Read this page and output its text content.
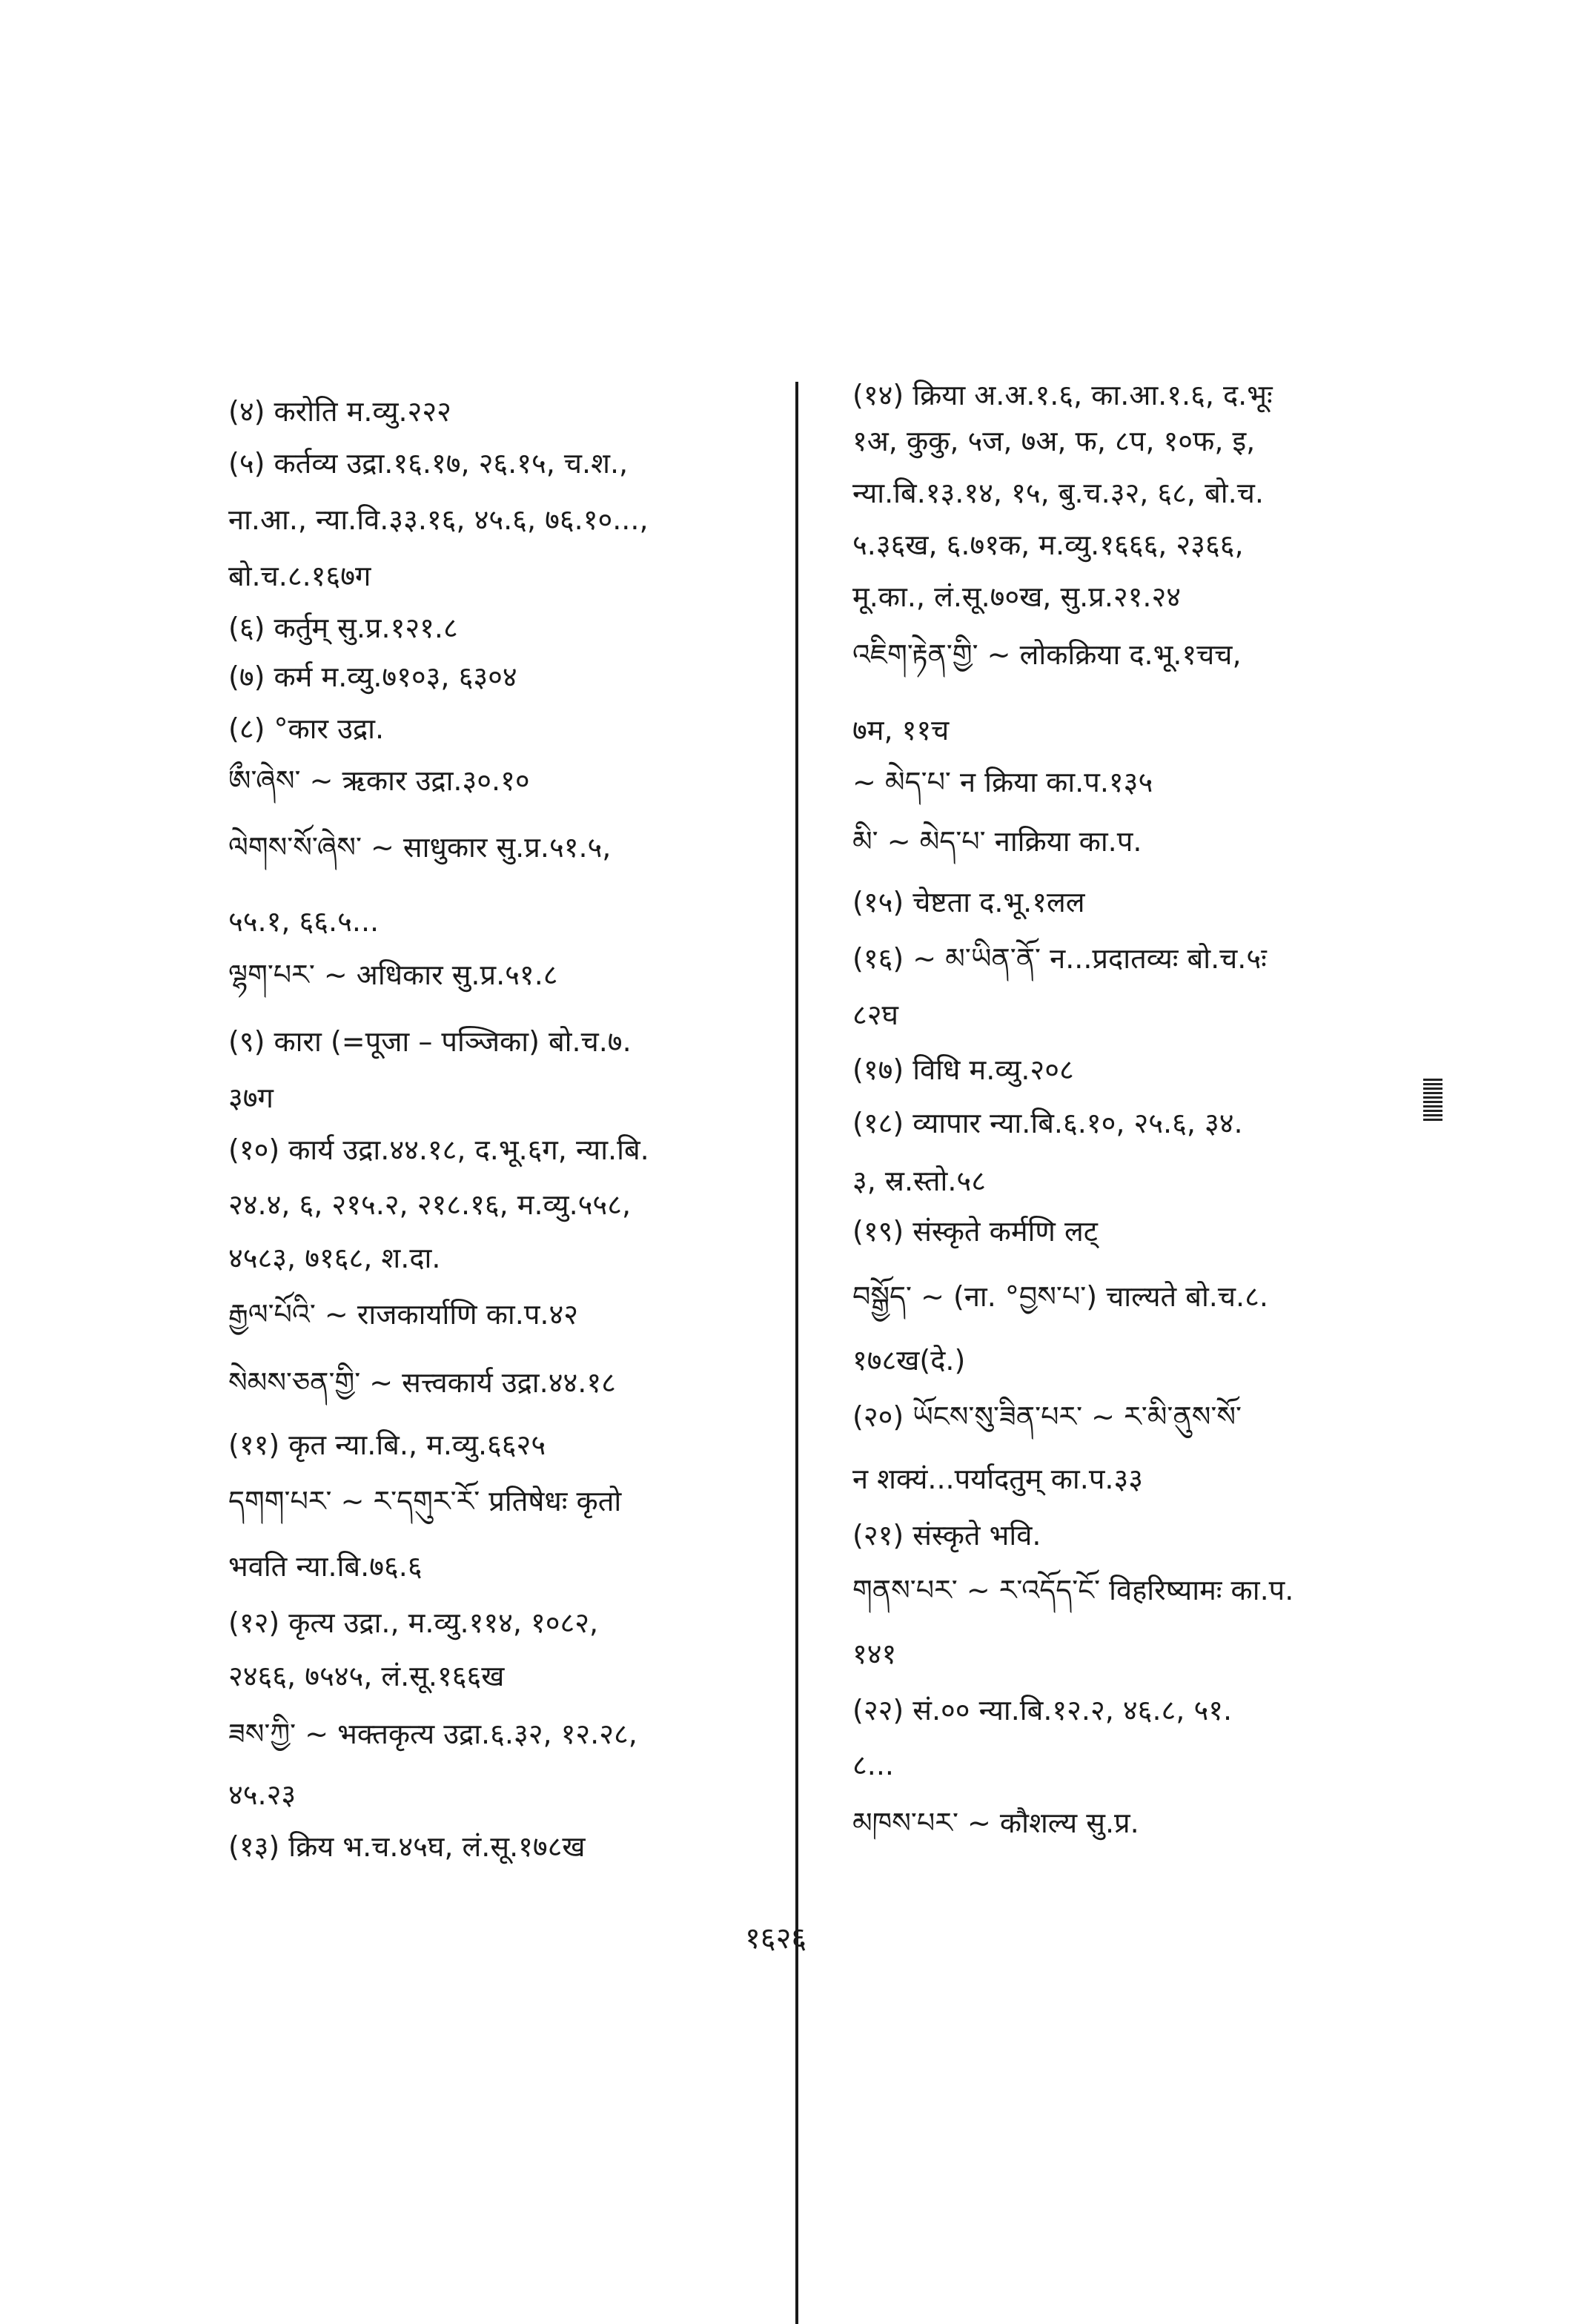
(४) करोति म.व्यु.२२२
(५) कर्तव्य उद्रा.१६.१७, २६.१५, च.श.,
ना.आ., न्या.वि.३३.१६, ४५.६, ७६.१०...,
बो.च.८.१६७ग
(६) कर्तुम् सु.प्र.१२१.८
(७) कर्म म.व्यु.७१०३, ६३०४
(८) °कार उद्रा.
ཨྀ་ཞེས་ ~ ऋकार उद्रा.३०.१०
ལེགས་སོ་ཞེས་ ~ साधुकार सु.प्र.५१.५,
५५.१, ६६.५...
ལྷག་པར་ ~ अधिकार सु.प्र.५१.८
(९) कारा (=पूजा – पञ्जिका) बो.च.७.
३७ग
(१०) कार्य उद्रा.४४.१८, द.भू.६ग, न्या.बि.
२४.४, ६, २१५.२, २१८.१६, म.व्यु.५५८,
४५८३, ७१६८, श.दा.
རྒྱལ་པོའི་ ~ राजकार्याणि का.प.४२
སེམས་ཅན་གྱི་ ~ सत्त्वकार्य उद्रा.४४.१८
(११) कृत न्या.बि., म.व्यु.६६२५
དགག་པར་ ~ ར་དགུར་རོ་ प्रतिषेधः कृतो
भवति न्या.बि.७६.६
(१२) कृत्य उद्रा., म.व्यु.११४, १०८२,
२४६६, ७५४५, लं.सू.१६६ख
ཟས་ཀྱི་ ~ भक्तकृत्य उद्रा.६.३२, १२.२८,
४५.२३
(१३) क्रिय भ.च.४५घ, लं.सू.१७८ख
(१४) क्रिया अ.अ.१.६, का.आ.१.६, द.भूः
१अ, कुकु, ५ज, ७अ, फ, ८प, १०फ, इ,
न्या.बि.१३.१४, १५, बु.च.३२, ६८, बो.च.
५.३६ख, ६.७१क, म.व्यु.१६६६, २३६६,
मू.का., लं.सू.७०ख, सु.प्र.२१.२४
འཇིག་རྟེན་གྱི་ ~ लोकक्रिया द.भू.१चच,
७म, ११च
~ མེད་པ་ न क्रिया का.प.१३५
མི་ ~ མེད་པ་ नाक्रिया का.प.
(१५) चेष्टता द.भू.१लल
(१६) ~ མ་ཡིན་ནོ་ न...प्रदातव्यः बो.च.५ः
८२घ
(१७) विधि म.व्यु.२०८
(१८) व्यापार न्या.बि.६.१०, २५.६, ३४.
३, स्र.स्तो.५८
(१९) संस्कृते कर्मणि लट्
བསྒྱོད་ ~ (ना. °བྱས་པ་) चाल्यते बो.च.८.
१७८ख(दे.)
(२०) ཡོངས་སུ་ཟིན་པར་ ~ ར་མི་ནུས་སོ་
न शक्यं...पर्यादतुम् का.प.३३
(२१) संस्कृते भवि.
གནས་པར་ ~ ར་འདོད་ངོ་ विहरिष्यामः का.प.
१४१
(२२) सं.०० न्या.बि.१२.२, ४६.८, ५१.
८...
མཁས་པར་ ~ कौशल्य सु.प्र.
१६२६
